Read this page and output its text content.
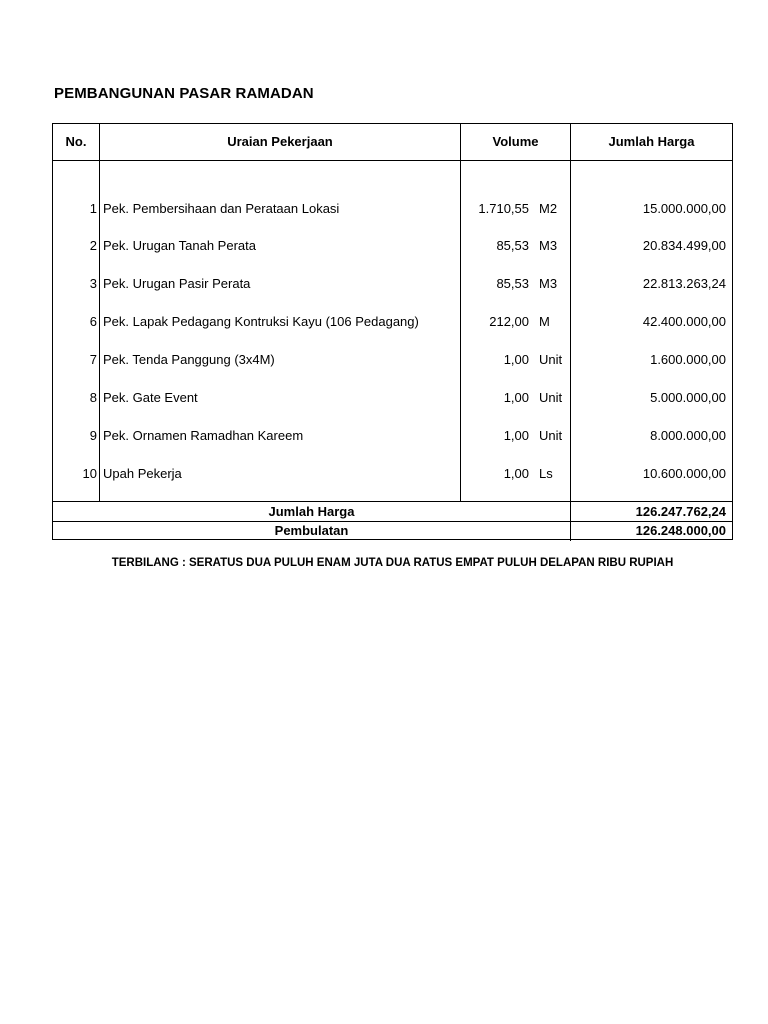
PEMBANGUNAN PASAR RAMADAN
No.	Uraian Pekerjaan	Volume	Jumlah Harga
1 Pek. Pembersihaan dan Perataan Lokasi	1.710,55 M2	15.000.000,00
2 Pek. Urugan Tanah Perata	85,53 M3	20.834.499,00
3 Pek. Urugan Pasir Perata	85,53 M3	22.813.263,24
6 Pek. Lapak Pedagang Kontruksi Kayu (106 Pedagang)	212,00 M	42.400.000,00
7 Pek. Tenda Panggung (3x4M)	1,00 Unit	1.600.000,00
8 Pek. Gate Event	1,00 Unit	5.000.000,00
9 Pek. Ornamen Ramadhan Kareem	1,00 Unit	8.000.000,00
10 Upah Pekerja	1,00 Ls	10.600.000,00
Jumlah Harga	126.247.762,24
Pembulatan	126.248.000,00
TERBILANG : SERATUS DUA PULUH ENAM JUTA DUA RATUS EMPAT PULUH DELAPAN RIBU RUPIAH
